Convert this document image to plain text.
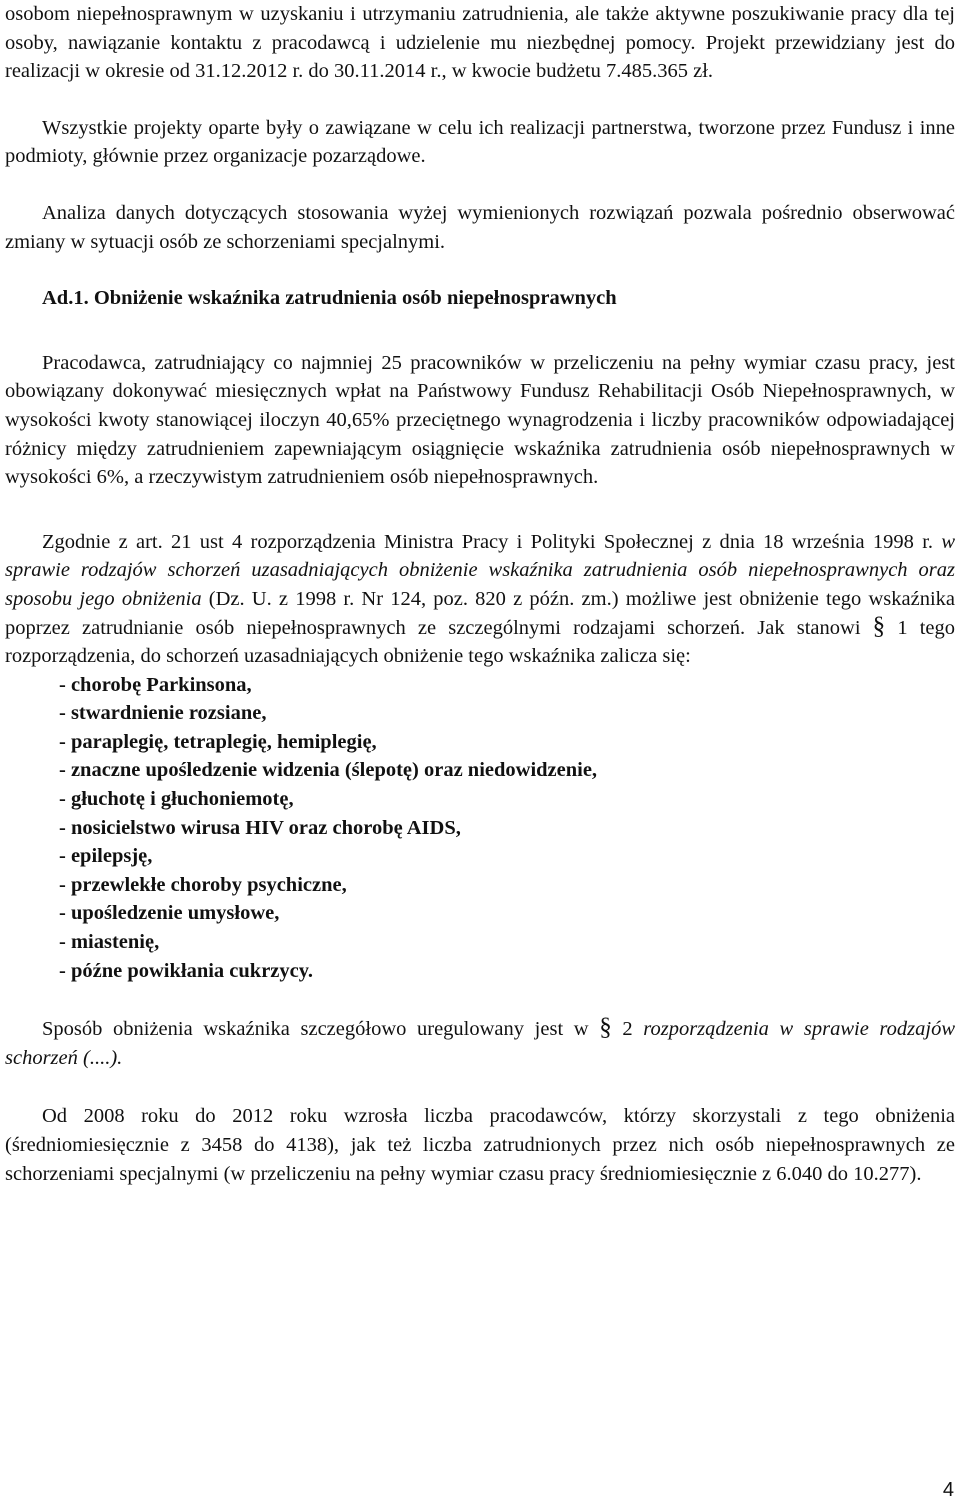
osobom niepełnosprawnym w uzyskaniu i utrzymaniu zatrudnienia, ale także aktywne poszukiwanie pracy dla tej osoby, nawiązanie kontaktu z pracodawcą i udzielenie mu niezbędnej pomocy. Projekt przewidziany jest do realizacji w okresie od 31.12.2012 r. do 30.11.2014 r., w kwocie budżetu 7.485.365 zł.

Wszystkie projekty oparte były o zawiązane w celu ich realizacji partnerstwa, tworzone przez Fundusz i inne podmioty, głównie przez organizacje pozarządowe.

Analiza danych dotyczących stosowania wyżej wymienionych rozwiązań pozwala pośrednio obserwować zmiany w sytuacji osób ze schorzeniami specjalnymi.

Ad.1. Obniżenie wskaźnika zatrudnienia osób niepełnosprawnych

Pracodawca, zatrudniający co najmniej 25 pracowników w przeliczeniu na pełny wymiar czasu pracy, jest obowiązany dokonywać miesięcznych wpłat na Państwowy Fundusz Rehabilitacji Osób Niepełnosprawnych, w wysokości kwoty stanowiącej iloczyn 40,65% przeciętnego wynagrodzenia i liczby pracowników odpowiadającej różnicy między zatrudnieniem zapewniającym osiągnięcie wskaźnika zatrudnienia osób niepełnosprawnych w wysokości 6%, a rzeczywistym zatrudnieniem osób niepełnosprawnych.

Zgodnie z art. 21 ust 4 rozporządzenia Ministra Pracy i Polityki Społecznej z dnia 18 września 1998 r. w sprawie rodzajów schorzeń uzasadniających obniżenie wskaźnika zatrudnienia osób niepełnosprawnych oraz sposobu jego obniżenia (Dz. U. z 1998 r. Nr 124, poz. 820 z późn. zm.) możliwe jest obniżenie tego wskaźnika poprzez zatrudnianie osób niepełnosprawnych ze szczególnymi rodzajami schorzeń. Jak stanowi § 1 tego rozporządzenia, do schorzeń uzasadniających obniżenie tego wskaźnika zalicza się:

- chorobę Parkinsona,
- stwardnienie rozsiane,
- paraplegię, tetraplegię, hemiplegię,
- znaczne upośledzenie widzenia (ślepotę) oraz niedowidzenie,
- głuchotę i głuchoniemotę,
- nosicielstwo wirusa HIV oraz chorobę AIDS,
- epilepsję,
- przewlekłe choroby psychiczne,
- upośledzenie umysłowe,
- miastenię,
- późne powikłania cukrzycy.

Sposób obniżenia wskaźnika szczegółowo uregulowany jest w § 2 rozporządzenia w sprawie rodzajów schorzeń (....).

Od 2008 roku do 2012 roku wzrosła liczba pracodawców, którzy skorzystali z tego obniżenia (średniomiesięcznie z 3458 do 4138), jak też liczba zatrudnionych przez nich osób niepełnosprawnych ze schorzeniami specjalnymi (w przeliczeniu na pełny wymiar czasu pracy średniomiesięcznie z 6.040 do 10.277).

4
